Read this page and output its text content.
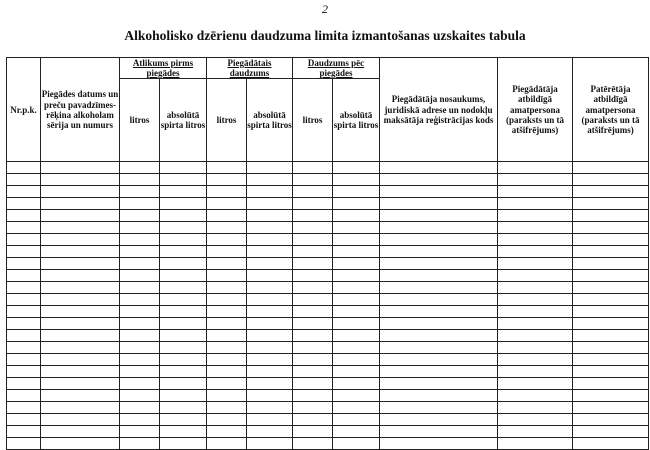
2
Alkoholisko dzērienu daudzuma limita izmantošanas uzskaites tabula
Nr.p.k.	Piegādes datums un preču pavadzīmes-rēķina alkoholam sērija un numurs	Atlikums pirms piegādes		Piegādātais daudzums		Daudzums pēc piegādes		Piegādātāja nosaukums, juridiskā adrese un nodokļu maksātāja reģistrācijas kods	Piegādātāja atbildīgā amatpersona (paraksts un tā atšifrējums)	Patērētāja atbildīgā amatpersona (paraksts un tā atšifrējums)
		litros	absolūtā spirta litros	litros	absolūtā spirta litros	litros	absolūtā spirta litros			
